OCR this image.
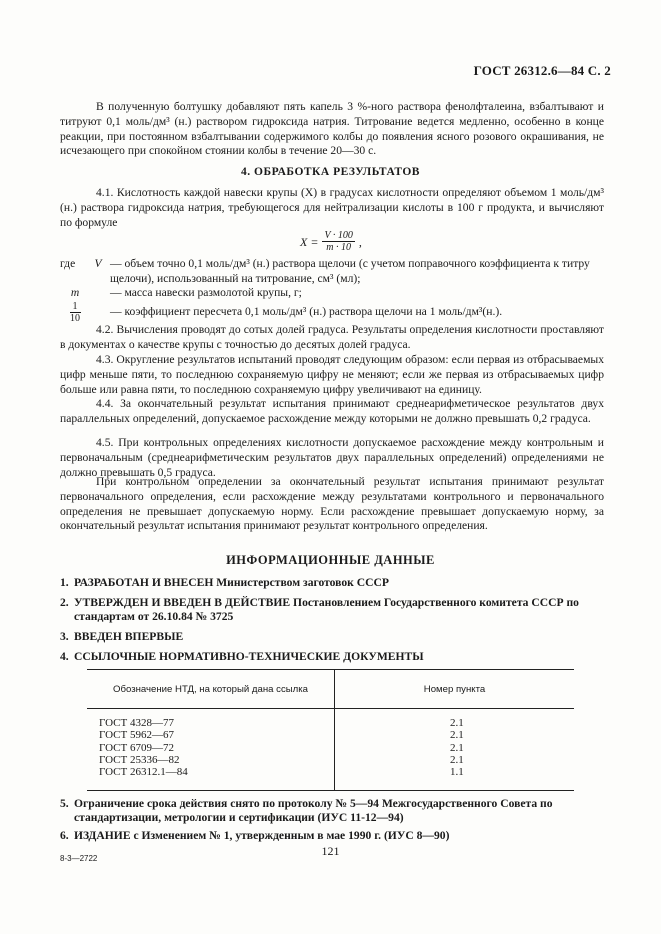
ГОСТ 26312.6—84 С. 2
В полученную болтушку добавляют пять капель 3 %-ного раствора фенолфталеина, взбалтывают и титруют 0,1 моль/дм³ (н.) раствором гидроксида натрия. Титрование ведется медленно, особенно в конце реакции, при постоянном взбалтывании содержимого колбы до появления ясного розового окрашивания, не исчезающего при спокойном стоянии колбы в течение 20—30 с.
4. ОБРАБОТКА РЕЗУЛЬТАТОВ
4.1. Кислотность каждой навески крупы (X) в градусах кислотности определяют объемом 1 моль/дм³ (н.) раствора гидроксида натрия, требующегося для нейтрализации кислоты в 100 г продукта, и вычисляют по формуле
$X = \frac{V \cdot 100}{m \cdot 10}$ ,
где	V — объем точно 0,1 моль/дм³ (н.) раствора щелочи (с учетом поправочного коэффициента к титру щелочи), использованный на титрование, см³ (мл);
m	— масса навески размолотой крупы, г;
$\frac{1}{10}$	— коэффициент пересчета 0,1 моль/дм³ (н.) раствора щелочи на 1 моль/дм³(н.).
4.2. Вычисления проводят до сотых долей градуса. Результаты определения кислотности проставляют в документах о качестве крупы с точностью до десятых долей градуса.
4.3. Округление результатов испытаний проводят следующим образом: если первая из отбрасываемых цифр меньше пяти, то последнюю сохраняемую цифру не меняют; если же первая из отбрасываемых цифр больше или равна пяти, то последнюю сохраняемую цифру увеличивают на единицу.
4.4. За окончательный результат испытания принимают среднеарифметическое результатов двух параллельных определений, допускаемое расхождение между которыми не должно превышать 0,2 градуса.
4.5. При контрольных определениях кислотности допускаемое расхождение между контрольным и первоначальным (среднеарифметическим результатов двух параллельных определений) определениями не должно превышать 0,5 градуса.
При контрольном определении за окончательный результат испытания принимают результат первоначального определения, если расхождение между результатами контрольного и первоначального определения не превышает допускаемую норму. Если расхождение превышает допускаемую норму, за окончательный результат испытания принимают результат контрольного определения.
ИНФОРМАЦИОННЫЕ ДАННЫЕ
1. РАЗРАБОТАН И ВНЕСЕН Министерством заготовок СССР
2. УТВЕРЖДЕН И ВВЕДЕН В ДЕЙСТВИЕ Постановлением Государственного комитета СССР по стандартам от 26.10.84 № 3725
3. ВВЕДЕН ВПЕРВЫЕ
4. ССЫЛОЧНЫЕ НОРМАТИВНО-ТЕХНИЧЕСКИЕ ДОКУМЕНТЫ
Обозначение НТД, на который дана ссылка	Номер пункта
ГОСТ 4328—77	2.1
ГОСТ 5962—67	2.1
ГОСТ 6709—72	2.1
ГОСТ 25336—82	2.1
ГОСТ 26312.1—84	1.1
5. Ограничение срока действия снято по протоколу № 5—94 Межгосударственного Совета по стандартизации, метрологии и сертификации (ИУС 11-12—94)
6. ИЗДАНИЕ с Изменением № 1, утвержденным в мае 1990 г. (ИУС 8—90)
121
8-3—2722
